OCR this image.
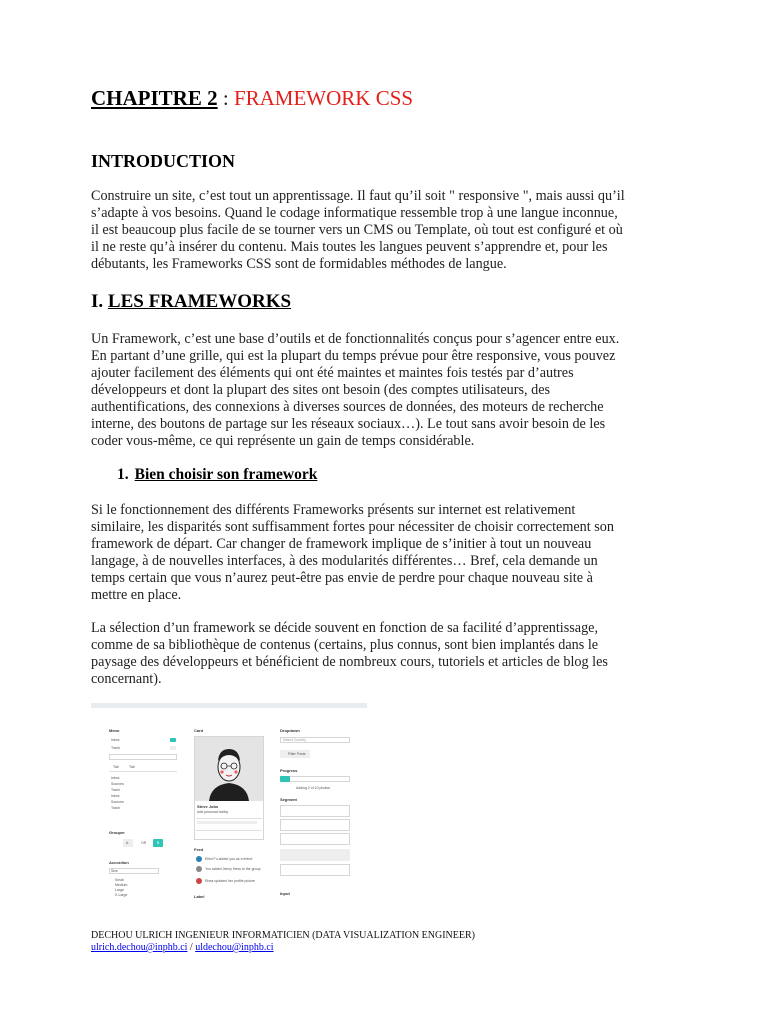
CHAPITRE 2 : FRAMEWORK CSS
INTRODUCTION
Construire un site, c’est tout un apprentissage. Il faut qu’il soit " responsive ", mais aussi qu’il
s’adapte à vos besoins. Quand le codage informatique ressemble trop à une langue inconnue,
il est beaucoup plus facile de se tourner vers un CMS ou Template, où tout est configuré et où
il ne reste qu’à insérer du contenu. Mais toutes les langues peuvent s’apprendre et, pour les
débutants, les Frameworks CSS sont de formidables méthodes de langue.
I. LES FRAMEWORKS
Un Framework, c’est une base d’outils et de fonctionnalités conçus pour s’agencer entre eux.
En partant d’une grille, qui est la plupart du temps prévue pour être responsive, vous pouvez
ajouter facilement des éléments qui ont été maintes et maintes fois testés par d’autres
développeurs et dont la plupart des sites ont besoin (des comptes utilisateurs, des
authentifications, des connexions à diverses sources de données, des moteurs de recherche
interne, des boutons de partage sur les réseaux sociaux…). Le tout sans avoir besoin de les
coder vous-même, ce qui représente un gain de temps considérable.
1. Bien choisir son framework
Si le fonctionnement des différents Frameworks présents sur internet est relativement
similaire, les disparités sont suffisamment fortes pour nécessiter de choisir correctement son
framework de départ. Car changer de framework implique de s’initier à tout un nouveau
langage, à de nouvelles interfaces, à des modularités différentes… Bref, cela demande un
temps certain que vous n’aurez peut-être pas envie de perdre pour chaque nouveau site à
mettre en place.
La sélection d’un framework se décide souvent en fonction de sa facilité d’apprentissage,
comme de sa bibliothèque de contenus (certains, plus connus, sont bien implantés dans le
paysage des développeurs et bénéficient de nombreux cours, tutoriels et articles de blog les
concernant).
Menu
Inbox
Trash
Tab	Tab
Inbox
Sources
Trash
Inbox
Sources
Trash
Grouper
A	OR	B
Accordion
Size
Small
Medium
Large
X-Large
Card
Steve Jobs
Add personal hobby
Feed
Elliot Fu added you as a friend
You added Jenny Hess to the group
Rhea updated her profile picture
Label
Dropdown
Select Country
Filter Posts
Progress
Adding 2 of 10 photos
Segment
Input
DECHOU ULRICH INGENIEUR INFORMATICIEN (DATA VISUALIZATION ENGINEER)
ulrich.dechou@inphb.ci / uldechou@inphb.ci
